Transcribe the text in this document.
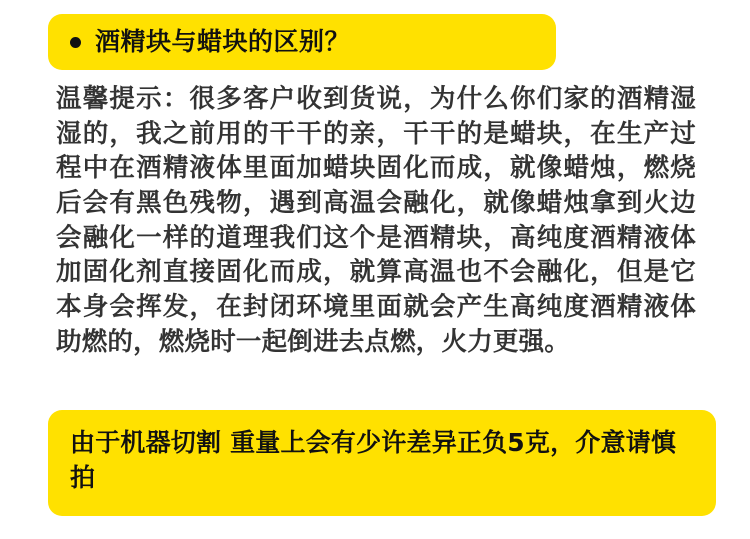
酒精块与蜡块的区别？
温馨提示：很多客户收到货说，为什么你们家的酒精湿湿的，我之前用的干干的亲，干干的是蜡块，在生产过程中在酒精液体里面加蜡块固化而成，就像蜡烛，燃烧后会有黑色残物，遇到高温会融化，就像蜡烛拿到火边会融化一样的道理我们这个是酒精块，高纯度酒精液体加固化剂直接固化而成，就算高温也不会融化，但是它本身会挥发，在封闭环境里面就会产生高纯度酒精液体助燃的，燃烧时一起倒进去点燃，火力更强。
由于机器切割 重量上会有少许差异正负5克，介意请慎拍
